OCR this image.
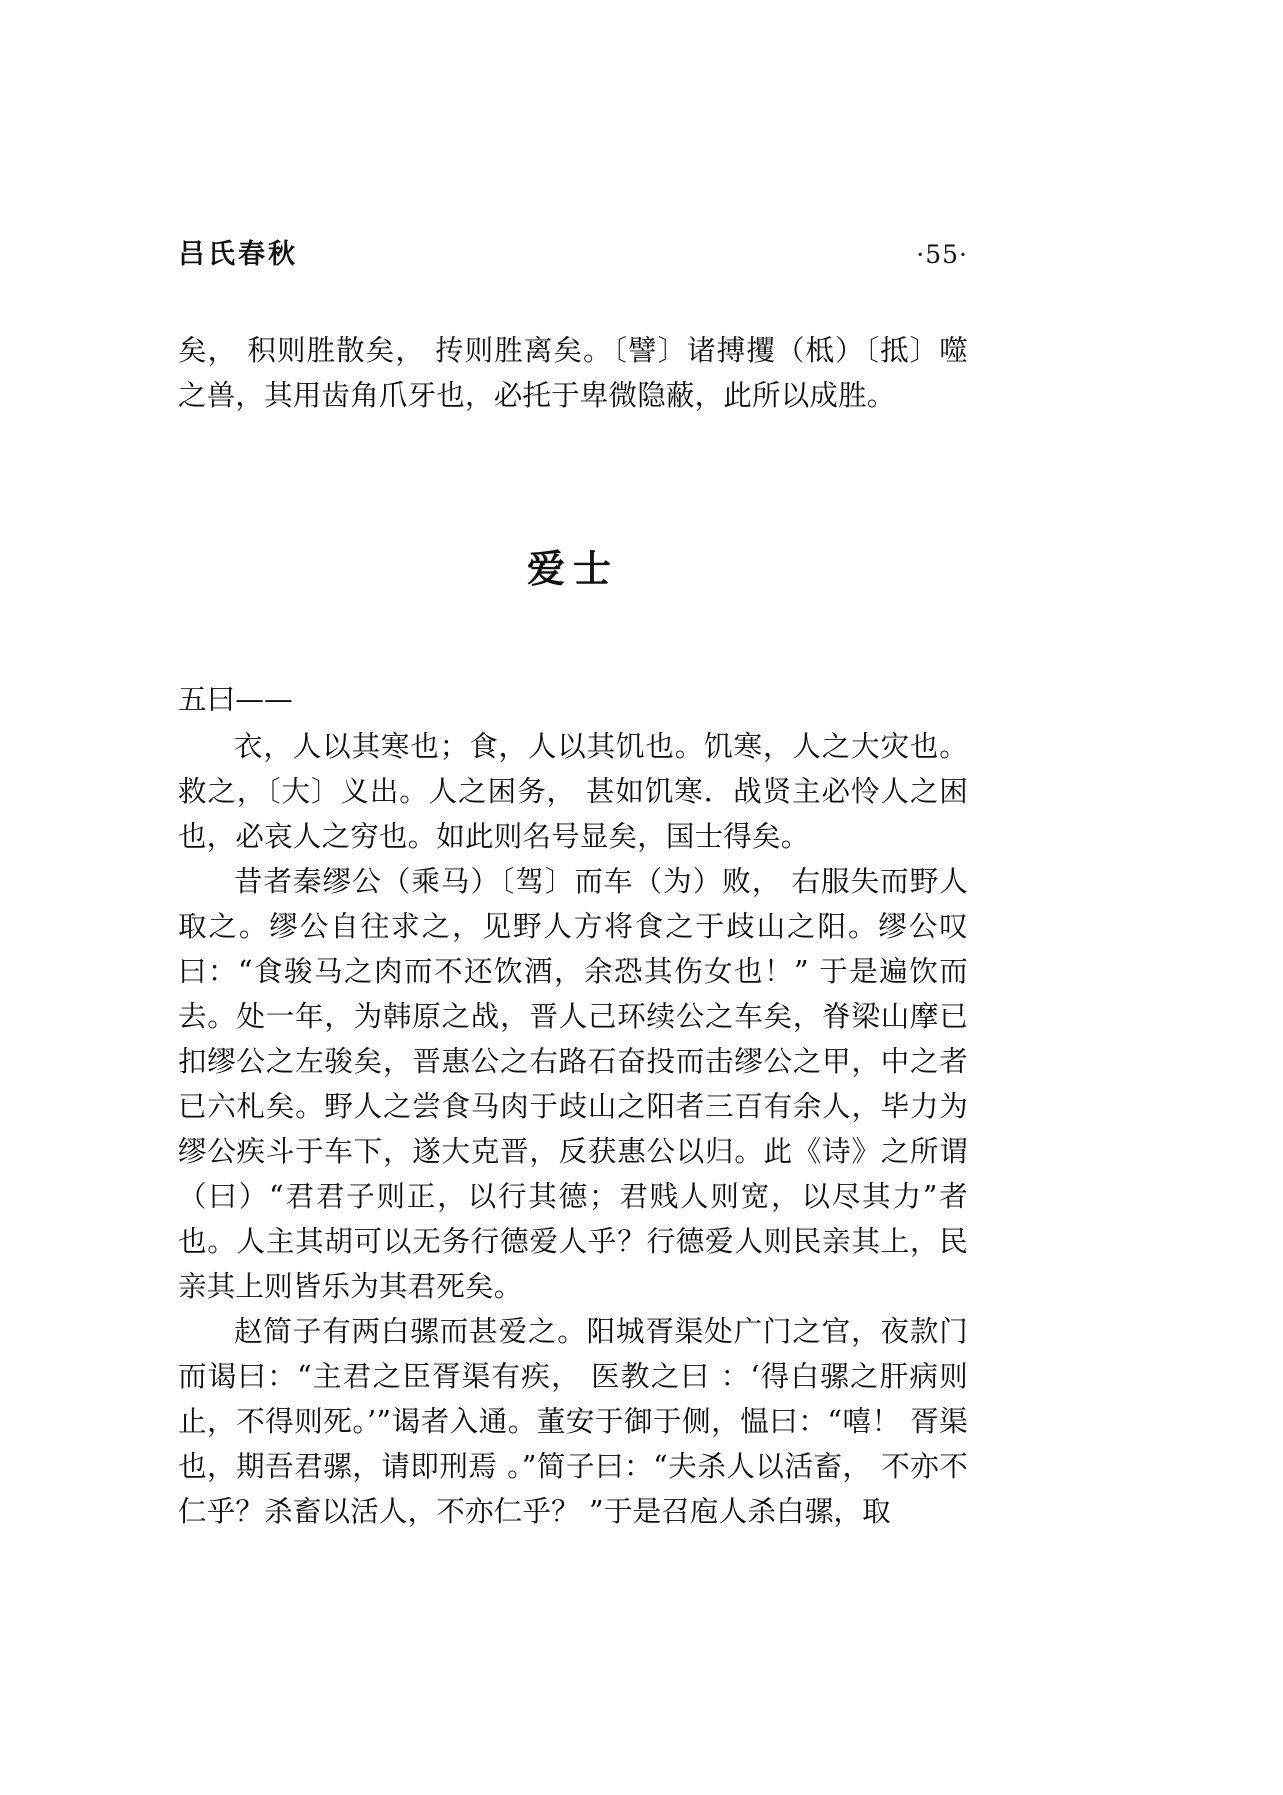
吕氏春秋	·55·

矣， 积则胜散矣， 抟则胜离矣。〔譬〕诸搏攫（柢）〔抵〕噬之兽，其用齿角爪牙也，必托于卑微隐蔽，此所以成胜。

爱士
五曰——

衣，人以其寒也；食，人以其饥也。饥寒，人之大灾也。救之，〔大〕义出。人之困务， 甚如饥寒．战贤主必怜人之困也，必哀人之穷也。如此则名号显矣，国士得矣。

昔者秦缪公（乘马）〔驾〕而车（为）败， 右服失而野人取之。缪公自往求之，见野人方将食之于歧山之阳。缪公叹曰：“食骏马之肉而不还饮酒，余恐其伤女也！” 于是遍饮而去。处一年，为韩原之战，晋人己环续公之车矣，脊梁山摩已扣缪公之左骏矣，晋惠公之右路石奋投而击缪公之甲，中之者已六札矣。野人之尝食马肉于歧山之阳者三百有余人，毕力为缪公疾斗于车下，遂大克晋，反获惠公以归。此《诗》之所谓（曰）“君君子则正，以行其德；君贱人则宽，以尽其力”者也。人主其胡可以无务行德爱人乎？行德爱人则民亲其上，民亲其上则皆乐为其君死矣。

赵简子有两白骡而甚爱之。阳城胥渠处广门之官，夜款门而谒曰：“主君之臣胥渠有疾， 医教之曰 ：‘得白骡之肝病则止，不得则死。’”谒者入通。董安于御于侧，愠曰：“嘻！ 胥渠也，期吾君骡，请即刑焉 。”简子曰：“夫杀人以活畜， 不亦不仁乎？杀畜以活人，不亦仁乎？ ”于是召庖人杀白骡，取
